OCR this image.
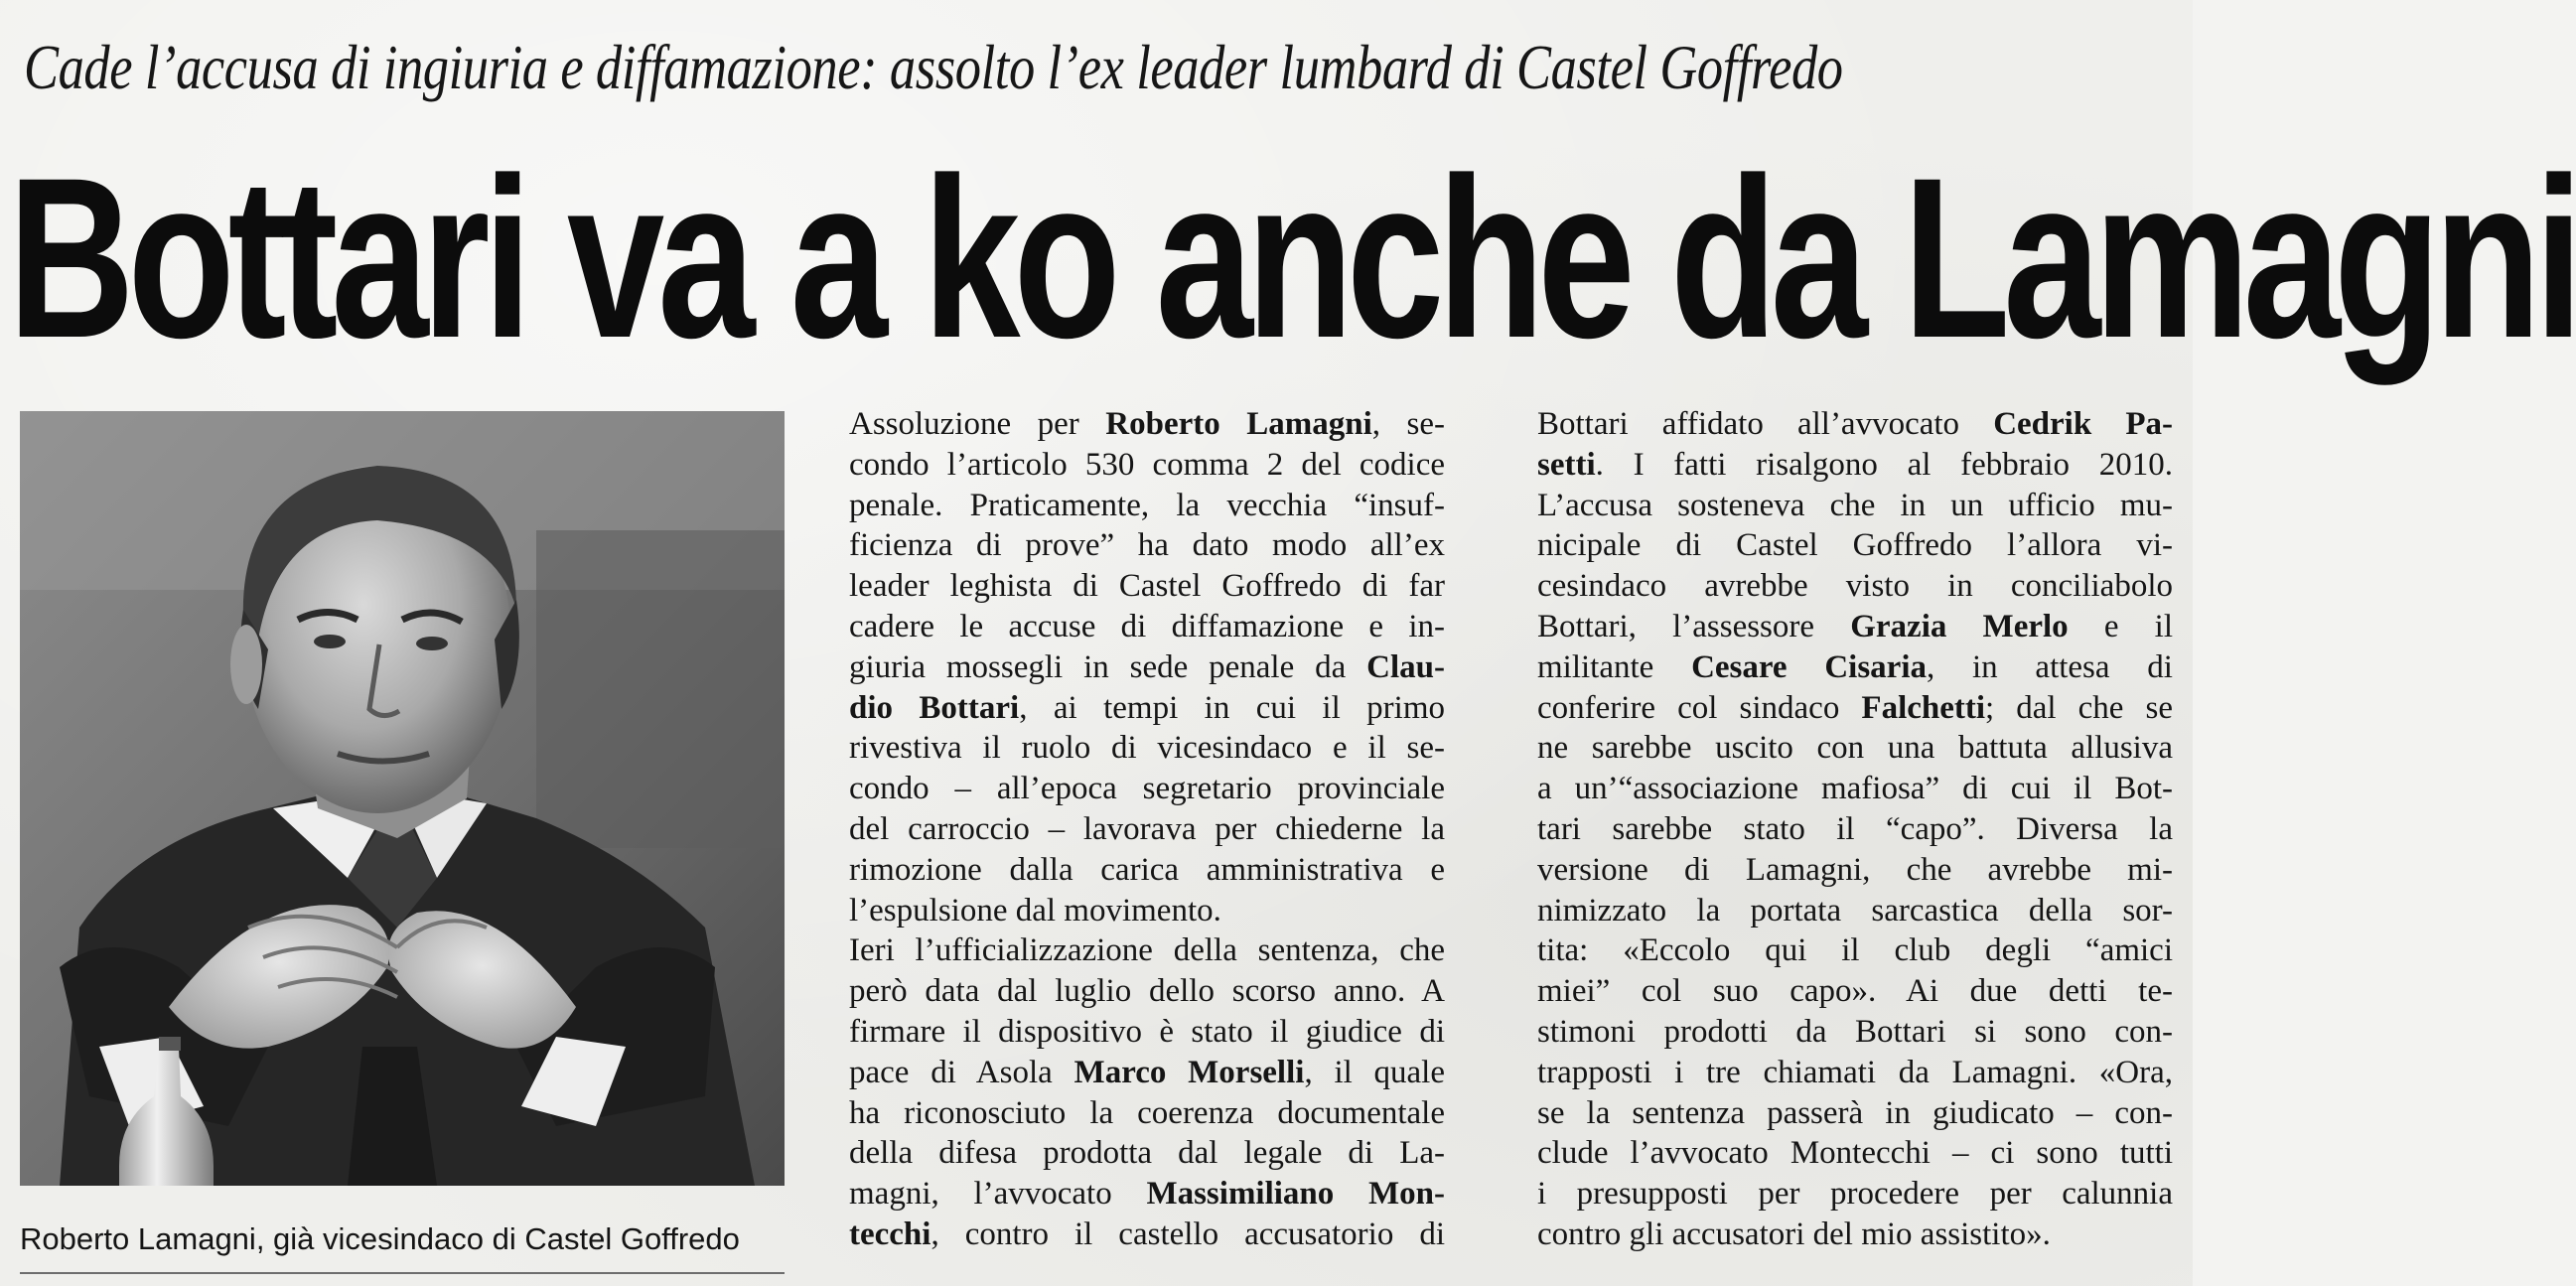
Cade l’accusa di ingiuria e diffamazione: assolto l’ex leader lumbard di Castel Goffredo
Bottari va a ko anche da Lamagni
Roberto Lamagni, già vicesindaco di Castel Goffredo
Assoluzione per Roberto Lamagni, se-
condo l’articolo 530 comma 2 del codice
penale. Praticamente, la vecchia “insuf-
ficienza di prove” ha dato modo all’ex
leader leghista di Castel Goffredo di far
cadere le accuse di diffamazione e in-
giuria mossegli in sede penale da Clau-
dio Bottari, ai tempi in cui il primo
rivestiva il ruolo di vicesindaco e il se-
condo – all’epoca segretario provinciale
del carroccio – lavorava per chiederne la
rimozione dalla carica amministrativa e
l’espulsione dal movimento.
Ieri l’ufficializzazione della sentenza, che
però data dal luglio dello scorso anno. A
firmare il dispositivo è stato il giudice di
pace di Asola Marco Morselli, il quale
ha riconosciuto la coerenza documentale
della difesa prodotta dal legale di La-
magni, l’avvocato Massimiliano Mon-
tecchi, contro il castello accusatorio di
Bottari affidato all’avvocato Cedrik Pa-
setti. I fatti risalgono al febbraio 2010.
L’accusa sosteneva che in un ufficio mu-
nicipale di Castel Goffredo l’allora vi-
cesindaco avrebbe visto in conciliabolo
Bottari, l’assessore Grazia Merlo e il
militante Cesare Cisaria, in attesa di
conferire col sindaco Falchetti; dal che se
ne sarebbe uscito con una battuta allusiva
a un’“associazione mafiosa” di cui il Bot-
tari sarebbe stato il “capo”. Diversa la
versione di Lamagni, che avrebbe mi-
nimizzato la portata sarcastica della sor-
tita: «Eccolo qui il club degli “amici
miei” col suo capo». Ai due detti te-
stimoni prodotti da Bottari si sono con-
trapposti i tre chiamati da Lamagni. «Ora,
se la sentenza passerà in giudicato – con-
clude l’avvocato Montecchi – ci sono tutti
i presupposti per procedere per calunnia
contro gli accusatori del mio assistito».
